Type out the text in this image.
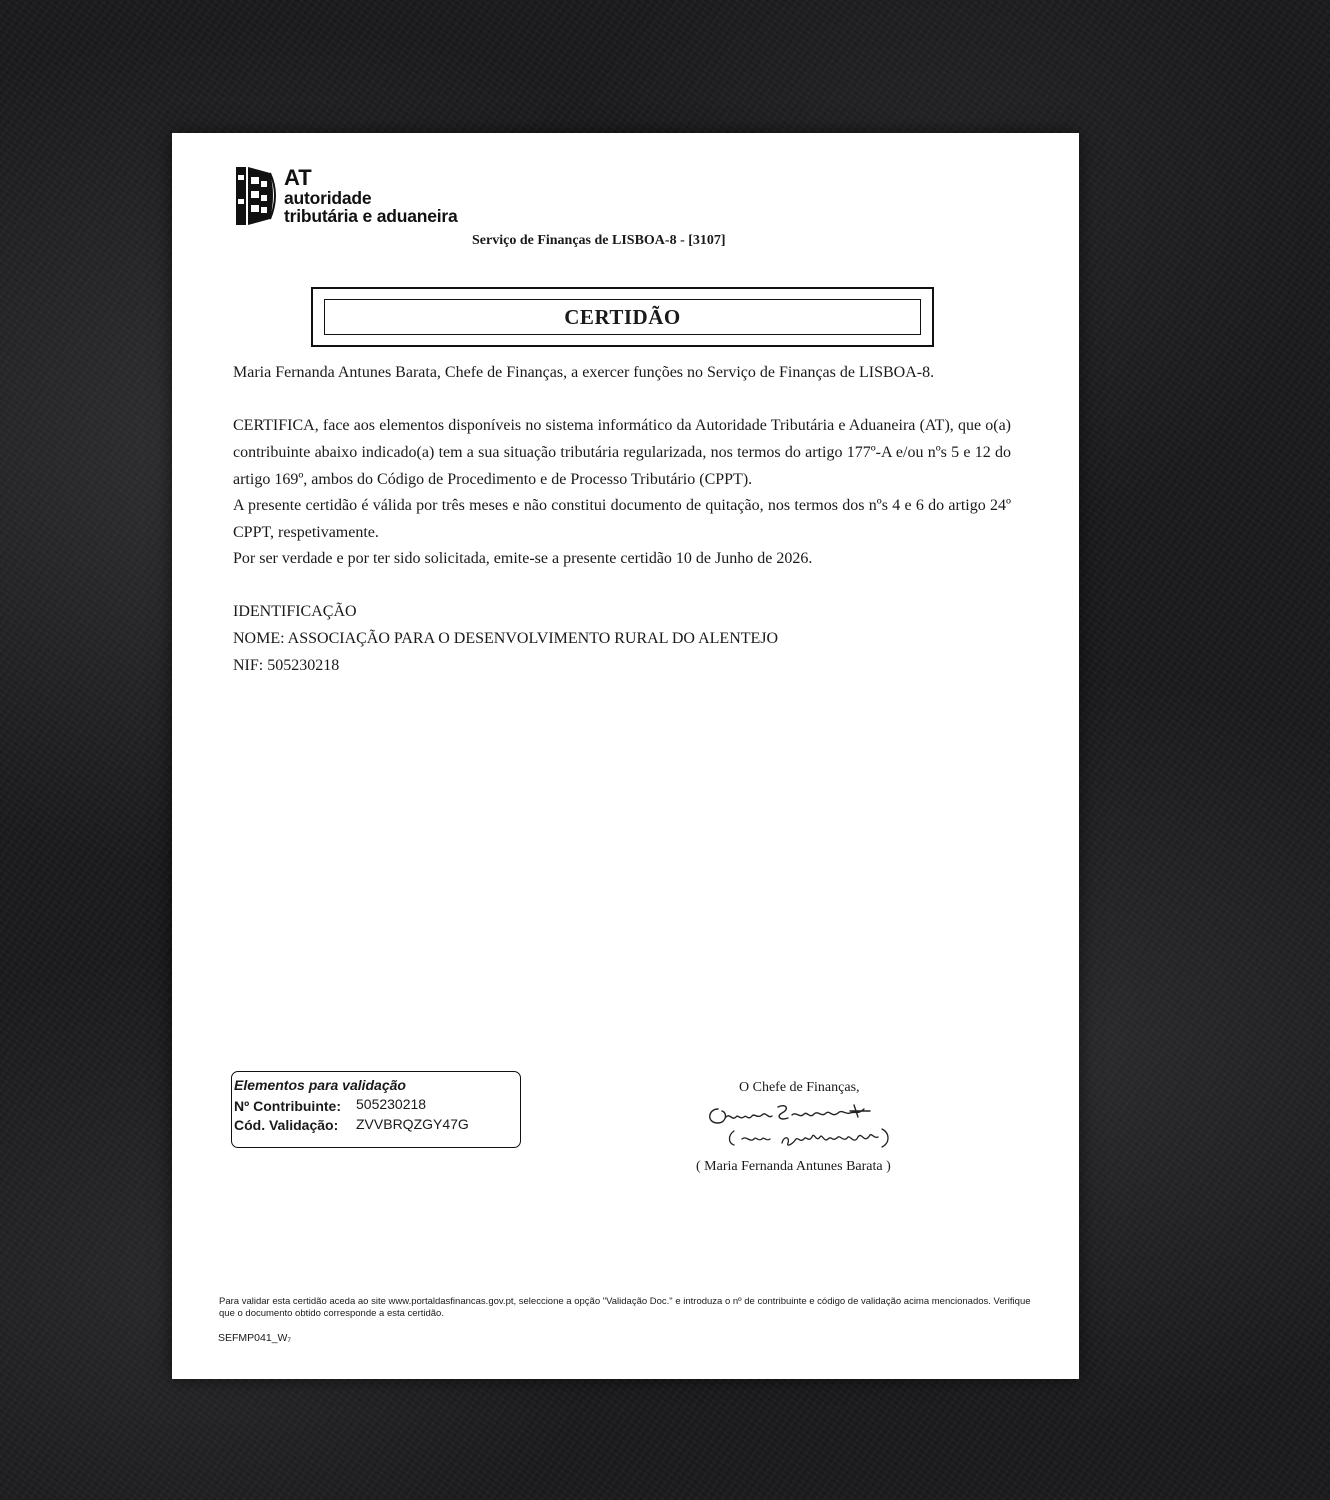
AT
autoridade
tributária e aduaneira
Serviço de Finanças de LISBOA-8 - [3107]
CERTIDÃO

Maria Fernanda Antunes Barata, Chefe de Finanças, a exercer funções no Serviço de Finanças de LISBOA-8.

CERTIFICA, face aos elementos disponíveis no sistema informático da Autoridade Tributária e Aduaneira (AT), que o(a) contribuinte abaixo indicado(a) tem a sua situação tributária regularizada, nos termos do artigo 177º-A e/ou nºs 5 e 12 do artigo 169º, ambos do Código de Procedimento e de Processo Tributário (CPPT).

A presente certidão é válida por três meses e não constitui documento de quitação, nos termos dos nºs 4 e 6 do artigo 24º CPPT, respetivamente.

Por ser verdade e por ter sido solicitada, emite-se a presente certidão 10 de Junho de 2026.

IDENTIFICAÇÃO
NOME: ASSOCIAÇÃO PARA O DESENVOLVIMENTO RURAL DO ALENTEJO
NIF: 505230218
Elementos para validação
Nº Contribuinte: 505230218
Cód. Validação: ZVVBRQZGY47G
O Chefe de Finanças,
( Maria Fernanda Antunes Barata )

Para validar esta certidão aceda ao site www.portaldasfinancas.gov.pt, seleccione a opção "Validação Doc." e introduza o nº de contribuinte e código de validação acima mencionados. Verifique que o documento obtido corresponde a esta certidão.

$SEFMP041\_W_7$
